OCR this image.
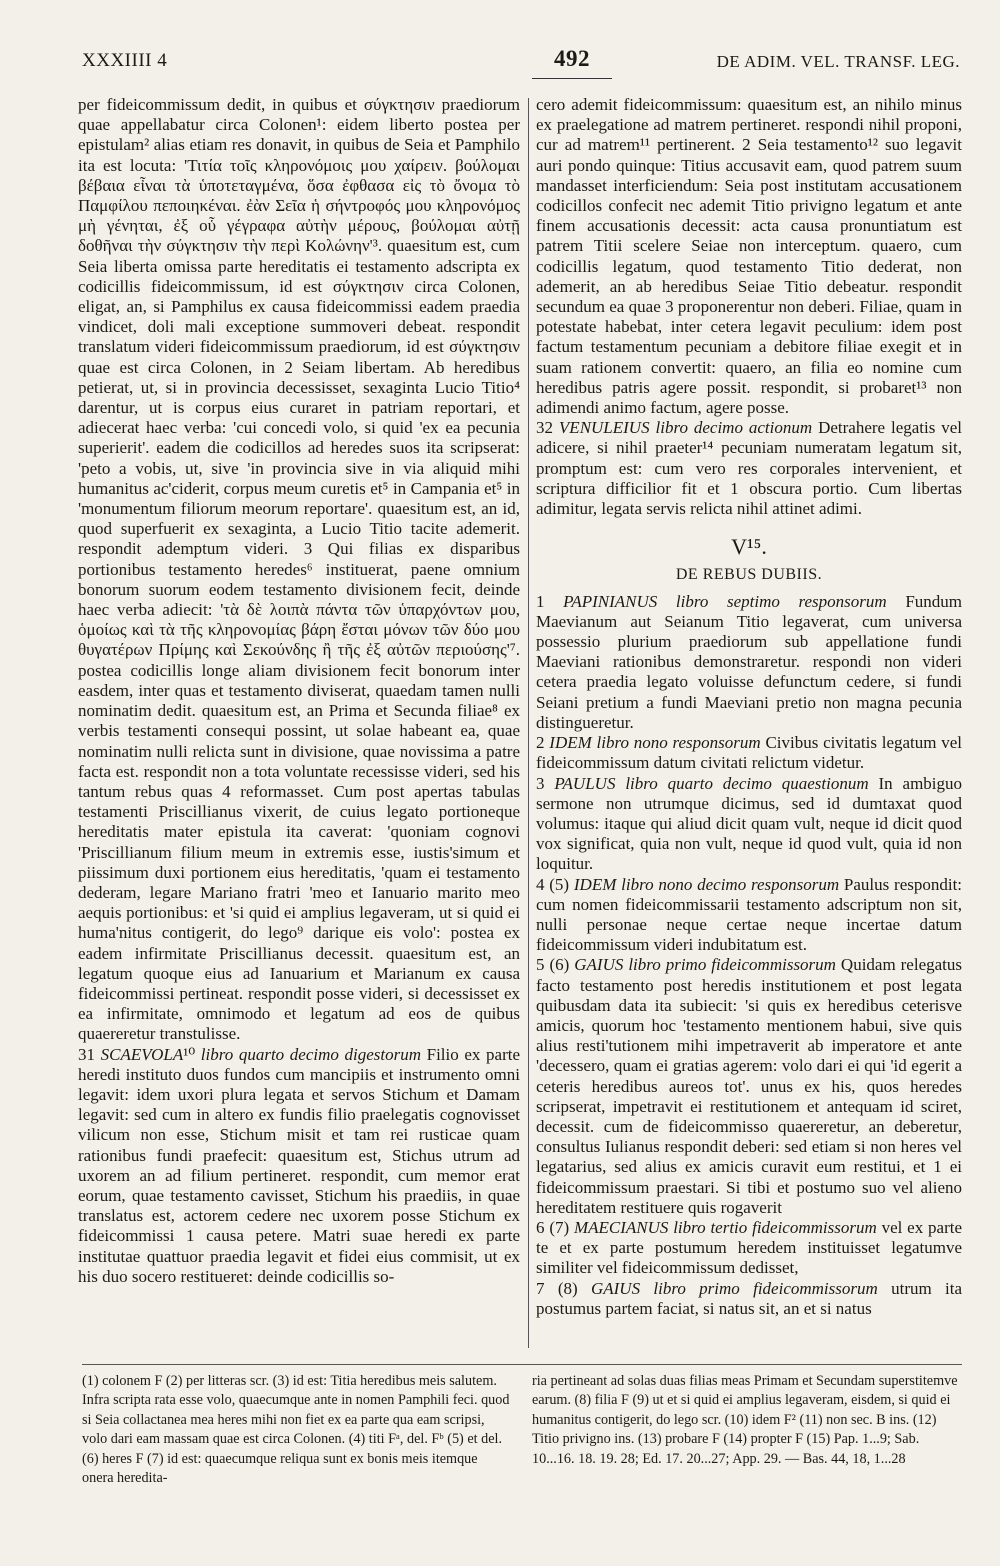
XXXIIII 4	492	DE ADIM. VEL. TRANSF. LEG.

per fideicommissum dedit, in quibus et σύγκτησιν praediorum quae appellabatur circa Colonen¹: eidem liberto postea per epistulam² alias etiam res donavit, in quibus de Seia et Pamphilo ita est locuta: 'Τιτία τοῖς κληρονόμοις μου χαίρειν. βούλομαι βέβαια εἶναι τὰ ὑποτεταγμένα, ὅσα ἐφθασα εἰς τὸ ὄνομα τὸ Παμφίλου πεποιηκέναι. ἐὰν Σεῖα ἡ σήντροφός μου κληρονόμος μὴ γένηται, ἐξ οὗ γέγραφα αὐτὴν μέρους, βούλομαι αὐτῇ δοθῆναι τὴν σύγκτησιν τὴν περὶ Κολώνην'³. quaesitum est, cum Seia liberta omissa parte hereditatis ei testamento adscripta ex codicillis fideicommissum, id est σύγκτησιν circa Colonen, eligat, an, si Pamphilus ex causa fideicommissi eadem praedia vindicet, doli mali exceptione summoveri debeat. respondit translatum videri fideicommissum praediorum, id est σύγκτησιν quae est circa Colonen, in 2 Seiam libertam. Ab heredibus petierat, ut, si in provincia decessisset, sexaginta Lucio Titio⁴ darentur, ut is corpus eius curaret in patriam reportari, et adiecerat haec verba: 'cui concedi volo, si quid 'ex ea pecunia superierit'. eadem die codicillos ad heredes suos ita scripserat: 'peto a vobis, ut, sive 'in provincia sive in via aliquid mihi humanitus ac'ciderit, corpus meum curetis et⁵ in Campania et⁵ in 'monumentum filiorum meorum reportare'. quaesitum est, an id, quod superfuerit ex sexaginta, a Lucio Titio tacite ademerit. respondit ademptum videri. 3 Qui filias ex disparibus portionibus testamento heredes⁶ instituerat, paene omnium bonorum suorum eodem testamento divisionem fecit, deinde haec verba adiecit: 'τὰ δὲ λοιπὰ πάντα τῶν ὑπαρχόντων μου, ὁμοίως καὶ τὰ τῆς κληρονομίας βάρη ἔσται μόνων τῶν δύο μου θυγατέρων Πρίμης καὶ Σεκούνδης ἢ τῆς ἐξ αὐτῶν περιούσης'⁷. postea codicillis longe aliam divisionem fecit bonorum inter easdem, inter quas et testamento diviserat, quaedam tamen nulli nominatim dedit. quaesitum est, an Prima et Secunda filiae⁸ ex verbis testamenti consequi possint, ut solae habeant ea, quae nominatim nulli relicta sunt in divisione, quae novissima a patre facta est. respondit non a tota voluntate recessisse videri, sed his tantum rebus quas 4 reformasset. Cum post apertas tabulas testamenti Priscillianus vixerit, de cuius legato portioneque hereditatis mater epistula ita caverat: 'quoniam cognovi 'Priscillianum filium meum in extremis esse, iustis'simum et piissimum duxi portionem eius hereditatis, 'quam ei testamento dederam, legare Mariano fratri 'meo et Ianuario marito meo aequis portionibus: et 'si quid ei amplius legaveram, ut si quid ei huma'nitus contigerit, do lego⁹ darique eis volo': postea ex eadem infirmitate Priscillianus decessit. quaesitum est, an legatum quoque eius ad Ianuarium et Marianum ex causa fideicommissi pertineat. respondit posse videri, si decessisset ex ea infirmitate, omnimodo et legatum ad eos de quibus quaereretur transtulisse.

31 SCAEVOLA¹⁰ libro quarto decimo digestorum Filio ex parte heredi instituto duos fundos cum mancipiis et instrumento omni legavit: idem uxori plura legata et servos Stichum et Damam legavit: sed cum in altero ex fundis filio praelegatis cognovisset vilicum non esse, Stichum misit et tam rei rusticae quam rationibus fundi praefecit: quaesitum est, Stichus utrum ad uxorem an ad filium pertineret. respondit, cum memor erat eorum, quae testamento cavisset, Stichum his praediis, in quae translatus est, actorem cedere nec uxorem posse Stichum ex fideicommissi 1 causa petere. Matri suae heredi ex parte institutae quattuor praedia legavit et fidei eius commisit, ut ex his duo socero restitueret: deinde codicillis so-

cero ademit fideicommissum: quaesitum est, an nihilo minus ex praelegatione ad matrem pertineret. respondi nihil proponi, cur ad matrem¹¹ pertinerent. 2 Seia testamento¹² suo legavit auri pondo quinque: Titius accusavit eam, quod patrem suum mandasset interficiendum: Seia post institutam accusationem codicillos confecit nec ademit Titio privigno legatum et ante finem accusationis decessit: acta causa pronuntiatum est patrem Titii scelere Seiae non interceptum. quaero, cum codicillis legatum, quod testamento Titio dederat, non ademerit, an ab heredibus Seiae Titio debeatur. respondit secundum ea quae 3 proponerentur non deberi. Filiae, quam in potestate habebat, inter cetera legavit peculium: idem post factum testamentum pecuniam a debitore filiae exegit et in suam rationem convertit: quaero, an filia eo nomine cum heredibus patris agere possit. respondit, si probaret¹³ non adimendi animo factum, agere posse.

32 VENULEIUS libro decimo actionum Detrahere legatis vel adicere, si nihil praeter¹⁴ pecuniam numeratam legatum sit, promptum est: cum vero res corporales intervenient, et scriptura difficilior fit et 1 obscura portio. Cum libertas adimitur, legata servis relicta nihil attinet adimi.

V¹⁵.
DE REBUS DUBIIS.

1 PAPINIANUS libro septimo responsorum Fundum Maevianum aut Seianum Titio legaverat, cum universa possessio plurium praediorum sub appellatione fundi Maeviani rationibus demonstraretur. respondi non videri cetera praedia legato voluisse defunctum cedere, si fundi Seiani pretium a fundi Maeviani pretio non magna pecunia distingueretur.

2 IDEM libro nono responsorum Civibus civitatis legatum vel fideicommissum datum civitati relictum videtur.

3 PAULUS libro quarto decimo quaestionum In ambiguo sermone non utrumque dicimus, sed id dumtaxat quod volumus: itaque qui aliud dicit quam vult, neque id dicit quod vox significat, quia non vult, neque id quod vult, quia id non loquitur.

4 (5) IDEM libro nono decimo responsorum Paulus respondit: cum nomen fideicommissarii testamento adscriptum non sit, nulli personae neque certae neque incertae datum fideicommissum videri indubitatum est.

5 (6) GAIUS libro primo fideicommissorum Quidam relegatus facto testamento post heredis institutionem et post legata quibusdam data ita subiecit: 'si quis ex heredibus ceterisve amicis, quorum hoc 'testamento mentionem habui, sive quis alius resti'tutionem mihi impetraverit ab imperatore et ante 'decessero, quam ei gratias agerem: volo dari ei qui 'id egerit a ceteris heredibus aureos tot'. unus ex his, quos heredes scripserat, impetravit ei restitutionem et antequam id sciret, decessit. cum de fideicommisso quaereretur, an deberetur, consultus Iulianus respondit deberi: sed etiam si non heres vel legatarius, sed alius ex amicis curavit eum restitui, et 1 ei fideicommissum praestari. Si tibi et postumo suo vel alieno hereditatem restituere quis rogaverit

6 (7) MAECIANUS libro tertio fideicommissorum vel ex parte te et ex parte postumum heredem instituisset legatumve similiter vel fideicommissum dedisset,

7 (8) GAIUS libro primo fideicommissorum utrum ita postumus partem faciat, si natus sit, an et si natus

(1) colonem F (2) per litteras scr. (3) id est: Titia heredibus meis salutem. Infra scripta rata esse volo, quaecumque ante in nomen Pamphili feci. quod si Seia collactanea mea heres mihi non fiet ex ea parte qua eam scripsi, volo dari eam massam quae est circa Colonen. (4) titi Fᵃ, del. Fᵇ (5) et del. (6) heres F (7) id est: quaecumque reliqua sunt ex bonis meis itemque onera heredita-

ria pertineant ad solas duas filias meas Primam et Secundam superstitemve earum. (8) filia F (9) ut et si quid ei amplius legaveram, eisdem, si quid ei humanitus contigerit, do lego scr. (10) idem F² (11) non sec. B ins. (12) Titio privigno ins. (13) probare F (14) propter F (15) Pap. 1...9; Sab. 10...16. 18. 19. 28; Ed. 17. 20...27; App. 29. — Bas. 44, 18, 1...28
